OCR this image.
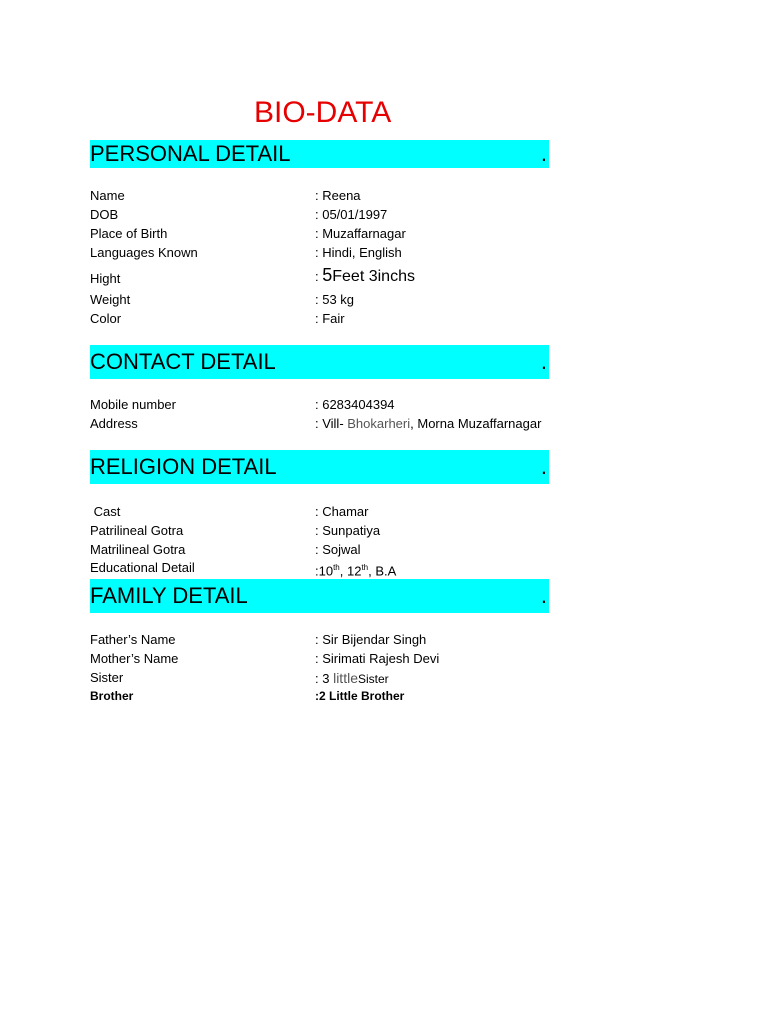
BIO-DATA
PERSONAL DETAIL	.
Name	: Reena
DOB	: 05/01/1997
Place of Birth	: Muzaffarnagar
Languages Known	: Hindi, English
Hight	: 5Feet 3inchs
Weight	: 53 kg
Color	: Fair
CONTACT DETAIL	.
Mobile number	: 6283404394
Address	: Vill- Bhokarheri, Morna Muzaffarnagar
RELIGION DETAIL	.
Cast	: Chamar
Patrilineal Gotra	: Sunpatiya
Matrilineal Gotra	: Sojwal
Educational Detail	:10th, 12th, B.A
FAMILY DETAIL	.
Father’s Name	: Sir Bijendar Singh
Mother’s Name	: Sirimati Rajesh Devi
Sister	: 3 littleSister
Brother	:2 Little Brother
